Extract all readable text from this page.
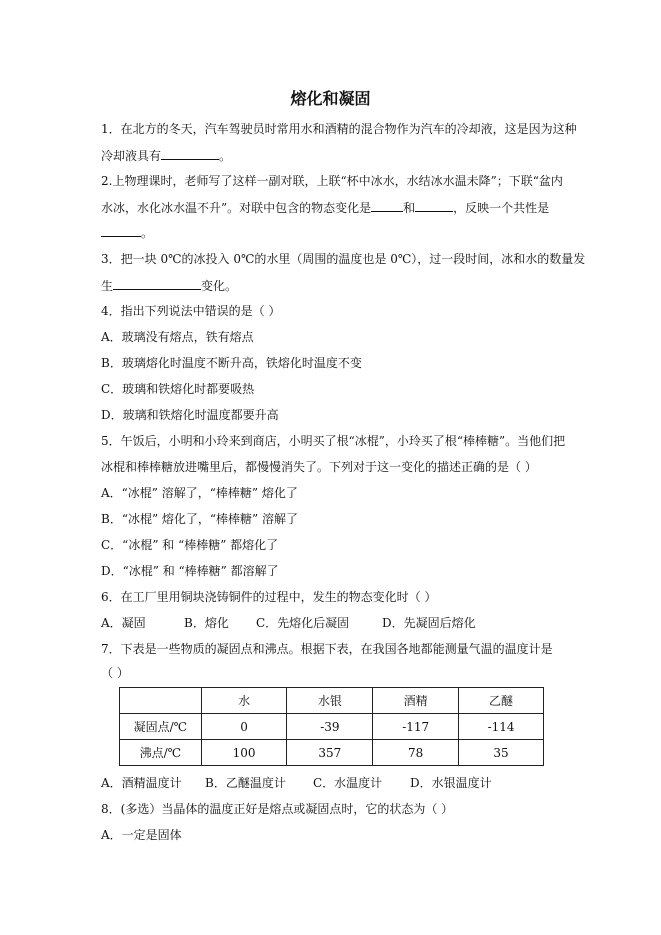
熔化和凝固
1．在北方的冬天，汽车驾驶员时常用水和酒精的混合物作为汽车的冷却液，这是因为这种
冷却液具有	。
2.上物理课时，老师写了这样一副对联，上联“杯中冰水，水结冰水温未降”；下联“盆内
水冰，水化冰水温不升”。对联中包含的物态变化是	和	，反映一个共性是
。
3．把一块 0℃的冰投入 0℃的水里（周围的温度也是 0℃），过一段时间，冰和水的数量发
生	变化。
4．指出下列说法中错误的是（ ）
A．玻璃没有熔点，铁有熔点
B．玻璃熔化时温度不断升高，铁熔化时温度不变
C．玻璃和铁熔化时都要吸热
D．玻璃和铁熔化时温度都要升高
5．午饭后，小明和小玲来到商店，小明买了根“冰棍”，小玲买了根“棒棒糖”。当他们把
冰棍和棒棒糖放进嘴里后，都慢慢消失了。下列对于这一变化的描述正确的是（ ）
A．“冰棍” 溶解了，“棒棒糖” 熔化了
B．“冰棍” 熔化了，“棒棒糖” 溶解了
C．“冰棍” 和 “棒棒糖” 都熔化了
D．“冰棍” 和 “棒棒糖” 都溶解了
6．在工厂里用铜块浇铸铜件的过程中，发生的物态变化时（ ）
A．凝固	B．熔化 C．先熔化后凝固	D．先凝固后熔化
7．下表是一些物质的凝固点和沸点。根据下表，在我国各地都能测量气温的温度计是
（ ）
	水	水银	酒精	乙醚
凝固点/℃	0	-39	-117	-114
沸点/℃	100	357	78	35
A．酒精温度计 B．乙醚温度计 C．水温度计 D．水银温度计
8．(多选）当晶体的温度正好是熔点或凝固点时，它的状态为（ ）
A．一定是固体
